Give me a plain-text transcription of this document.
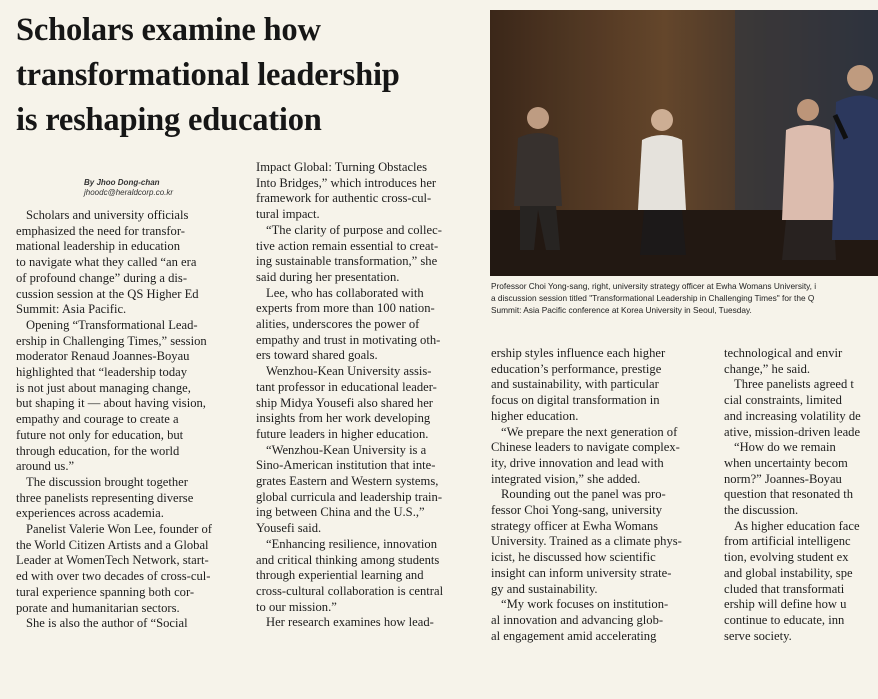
Scholars examine how
transformational leadership
is reshaping education
By Jhoo Dong-chan
jhoodc@heraldcorp.co.kr
Scholars and university officials
emphasized the need for transfor-
mational leadership in education
to navigate what they called “an era
of profound change” during a dis-
cussion session at the QS Higher Ed
Summit: Asia Pacific.
Opening “Transformational Lead-
ership in Challenging Times,” session
moderator Renaud Joannes-Boyau
highlighted that “leadership today
is not just about managing change,
but shaping it — about having vision,
empathy and courage to create a
future not only for education, but
through education, for the world
around us.”
The discussion brought together
three panelists representing diverse
experiences across academia.
Panelist Valerie Won Lee, founder of
the World Citizen Artists and a Global
Leader at WomenTech Network, start-
ed with over two decades of cross-cul-
tural experience spanning both cor-
porate and humanitarian sectors.
She is also the author of “Social
Impact Global: Turning Obstacles
Into Bridges,” which introduces her
framework for authentic cross-cul-
tural impact.
“The clarity of purpose and collec-
tive action remain essential to creat-
ing sustainable transformation,” she
said during her presentation.
Lee, who has collaborated with
experts from more than 100 nation-
alities, underscores the power of
empathy and trust in motivating oth-
ers toward shared goals.
Wenzhou-Kean University assis-
tant professor in educational leader-
ship Midya Yousefi also shared her
insights from her work developing
future leaders in higher education.
“Wenzhou-Kean University is a
Sino-American institution that inte-
grates Eastern and Western systems,
global curricula and leadership train-
ing between China and the U.S.,”
Yousefi said.
“Enhancing resilience, innovation
and critical thinking among students
through experiential learning and
cross-cultural collaboration is central
to our mission.”
Her research examines how lead-
ership styles influence each higher
education’s performance, prestige
and sustainability, with particular
focus on digital transformation in
higher education.
“We prepare the next generation of
Chinese leaders to navigate complex-
ity, drive innovation and lead with
integrated vision,” she added.
Rounding out the panel was pro-
fessor Choi Yong-sang, university
strategy officer at Ewha Womans
University. Trained as a climate phys-
icist, he discussed how scientific
insight can inform university strate-
gy and sustainability.
“My work focuses on institution-
al innovation and advancing glob-
al engagement amid accelerating
technological and envir
change,” he said.
Three panelists agreed t
cial constraints, limited
and increasing volatility de
ative, mission-driven leade
“How do we remain
when uncertainty becom
norm?” Joannes-Boyau
question that resonated th
the discussion.
As higher education face
from artificial intelligenc
tion, evolving student ex
and global instability, spe
cluded that transformati
ership will define how u
continue to educate, inn
serve society.
Professor Choi Yong-sang, right, university strategy officer at Ewha Womans University, i
a discussion session titled "Transformational Leadership in Challenging Times" for the Q
Summit: Asia Pacific conference at Korea University in Seoul, Tuesday.
